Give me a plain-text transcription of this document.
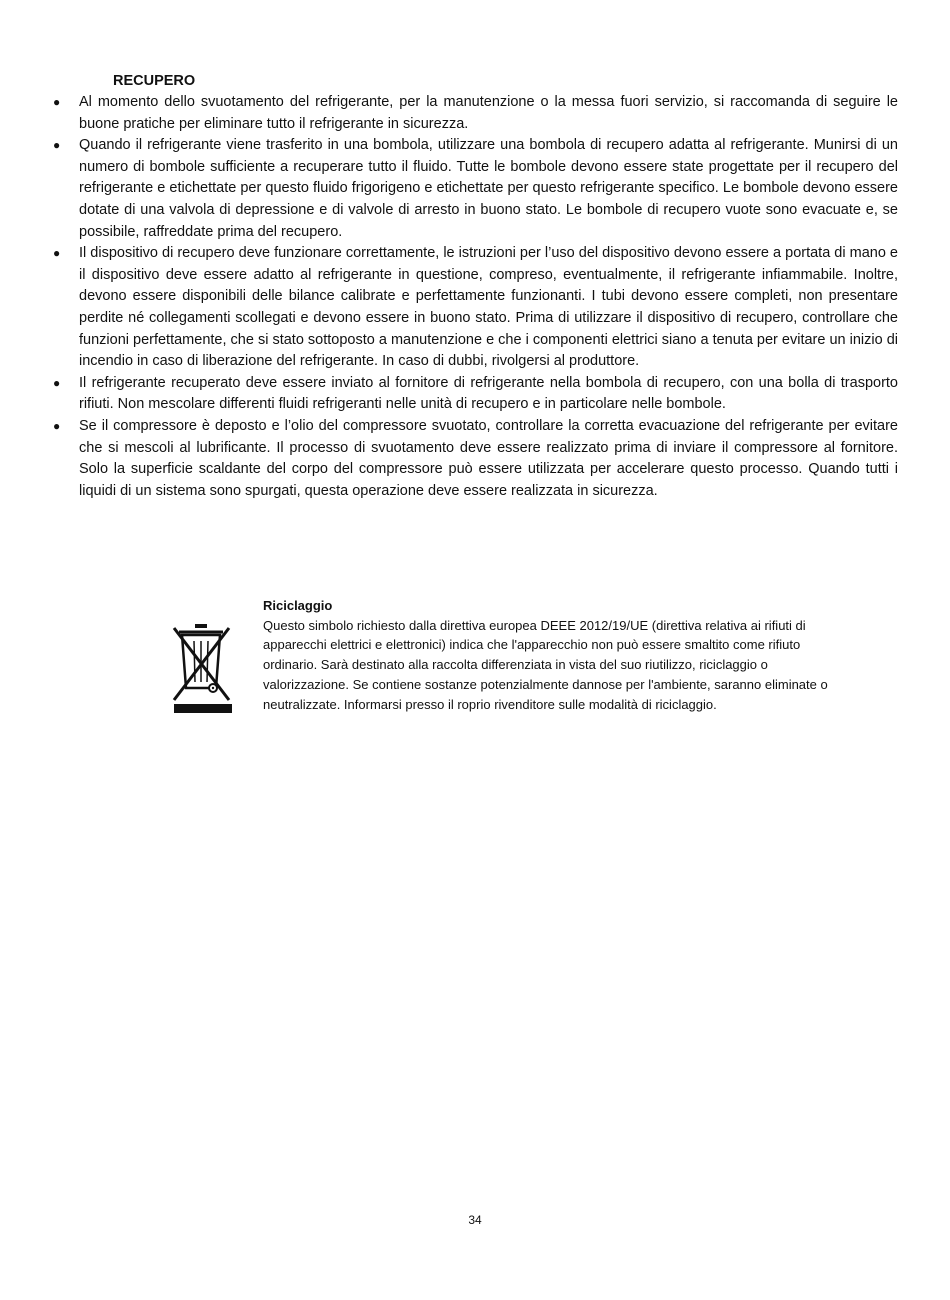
RECUPERO
●	Al momento dello svuotamento del refrigerante, per la manutenzione o la messa fuori servizio, si raccomanda di seguire le buone pratiche per eliminare tutto il refrigerante in sicurezza.
●	Quando il refrigerante viene trasferito in una bombola, utilizzare una bombola di recupero adatta al refrigerante. Munirsi di un numero di bombole sufficiente a recuperare tutto il fluido. Tutte le bombole devono essere state progettate per il recupero del refrigerante e etichettate per questo fluido frigorigeno e etichettate per questo refrigerante specifico. Le bombole devono essere dotate di una valvola di depressione e di valvole di arresto in buono stato. Le bombole di recupero vuote sono evacuate e, se possibile, raffreddate prima del recupero.
●	Il dispositivo di recupero deve funzionare correttamente, le istruzioni per l’uso del dispositivo devono essere a portata di mano e il dispositivo deve essere adatto al refrigerante in questione, compreso, eventualmente, il refrigerante infiammabile. Inoltre, devono essere disponibili delle bilance calibrate e perfettamente funzionanti. I tubi devono essere completi, non presentare perdite né collegamenti scollegati e devono essere in buono stato. Prima di utilizzare il dispositivo di recupero, controllare che funzioni perfettamente, che si stato sottoposto a manutenzione e che i componenti elettrici siano a tenuta per evitare un inizio di incendio in caso di liberazione del refrigerante. In caso di dubbi, rivolgersi al produttore.
●	Il refrigerante recuperato deve essere inviato al fornitore di refrigerante nella bombola di recupero, con una bolla di trasporto rifiuti. Non mescolare differenti fluidi refrigeranti nelle unità di recupero e in particolare nelle bombole.
●	Se il compressore è deposto e l’olio del compressore svuotato, controllare la corretta evacuazione del refrigerante per evitare che si mescoli al lubrificante. Il processo di svuotamento deve essere realizzato prima di inviare il compressore al fornitore. Solo la superficie scaldante del corpo del compressore può essere utilizzata per accelerare questo processo. Quando tutti i liquidi di un sistema sono spurgati, questa operazione deve essere realizzata in sicurezza.

Riciclaggio

Questo simbolo richiesto dalla direttiva europea DEEE 2012/19/UE (direttiva relativa ai rifiuti di apparecchi elettrici e elettronici) indica che l'apparecchio non può essere smaltito come rifiuto ordinario. Sarà destinato alla raccolta differenziata in vista del suo riutilizzo, riciclaggio o valorizzazione. Se contiene sostanze potenzialmente dannose per l'ambiente, saranno eliminate o neutralizzate. Informarsi presso il roprio rivenditore sulle modalità di riciclaggio.

34
